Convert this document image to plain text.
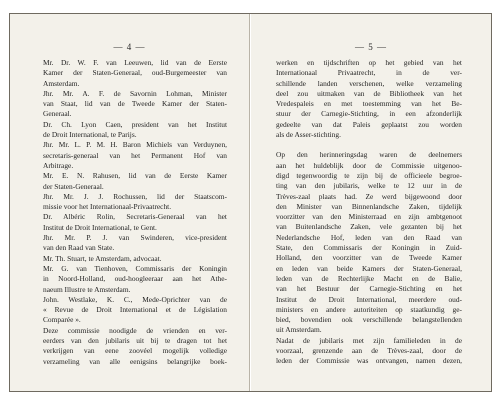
— 4 —
Mr. Dr. W. F. van Leeuwen, lid van de Eerste
Kamer der Staten-Generaal, oud-Burgemeester van
Amsterdam.
Jhr. Mr. A. F. de Savornin Lohman, Minister
van Staat, lid van de Tweede Kamer der Staten-
Generaal.
Dr. Ch. Lyon Caen, president van het Institut
de Droit International, te Parijs.
Jhr. Mr. L. P. M. H. Baron Michiels van Verduynen,
secretaris-generaal van het Permanent Hof van
Arbitrage.
Mr. E. N. Rahusen, lid van de Eerste Kamer
der Staten-Generaal.
Jhr. Mr. J. J. Rochussen, lid der Staatscom-
missie voor het Internationaal-Privaatrecht.
Dr. Albéric Rolin, Secretaris-Generaal van het
Institut de Droit International, te Gent.
Jhr. Mr. P. J. van Swinderen, vice-president
van den Raad van State.
Mr. Th. Stuart, te Amsterdam, advocaat.
Mr. G. van Tienhoven, Commissaris der Koningin
in Noord-Holland, oud-hoogleeraar aan het Athe-
naeum Illustre te Amsterdam.
John. Westlake, K. C., Mede-Oprichter van de
« Revue de Droit International et de Législation
Comparée ».
Deze commissie noodigde de vrienden en ver-
eerders van den jubilaris uit bij te dragen tot het
verkrijgen van eene zoovéel mogelijk volledige
verzameling van alle eenigsins belangrijke boek-
— 5 —
werken en tijdschriften op het gebied van het
Internationaal Privaatrecht, in de ver-
schillende landen verschenen, welke verzameling
deel zou uitmaken van de Bibliotheek van het
Vredespaleis en met toestemming van het Be-
stuur der Carnegie-Stichting, in een afzonderlijk
gedeelte van dat Paleis geplaatst zou worden
als de Asser-stichting.
Op den herinneringsdag waren de deelnemers
aan het huldeblijk door de Commissie uitgenoo-
digd tegenwoordig te zijn bij de officieele begroe-
ting van den jubilaris, welke te 12 uur in de
Trèves-zaal plaats had. Ze werd bijgewoond door
den Minister van Binnenlandsche Zaken, tijdelijk
voorzitter van den Ministerraad en zijn ambtgenoot
van Buitenlandsche Zaken, vele gezanten bij het
Nederlandsche Hof, leden van den Raad van
State, den Commissaris der Koningin in Zuid-
Holland, den voorzitter van de Tweede Kamer
en leden van beide Kamers der Staten-Generaal,
leden van de Rechterlijke Macht en de Balie,
van het Bestuur der Carnegie-Stichting en het
Institut de Droit International, meerdere oud-
ministers en andere autoriteiten op staatkundig ge-
bied, bovendien ook verschillende belangstellenden
uit Amsterdam.
Nadat de jubilaris met zijn familieleden in de
voorzaal, grenzende aan de Trèves-zaal, door de
leden der Commissie was ontvangen, namen dezen,
